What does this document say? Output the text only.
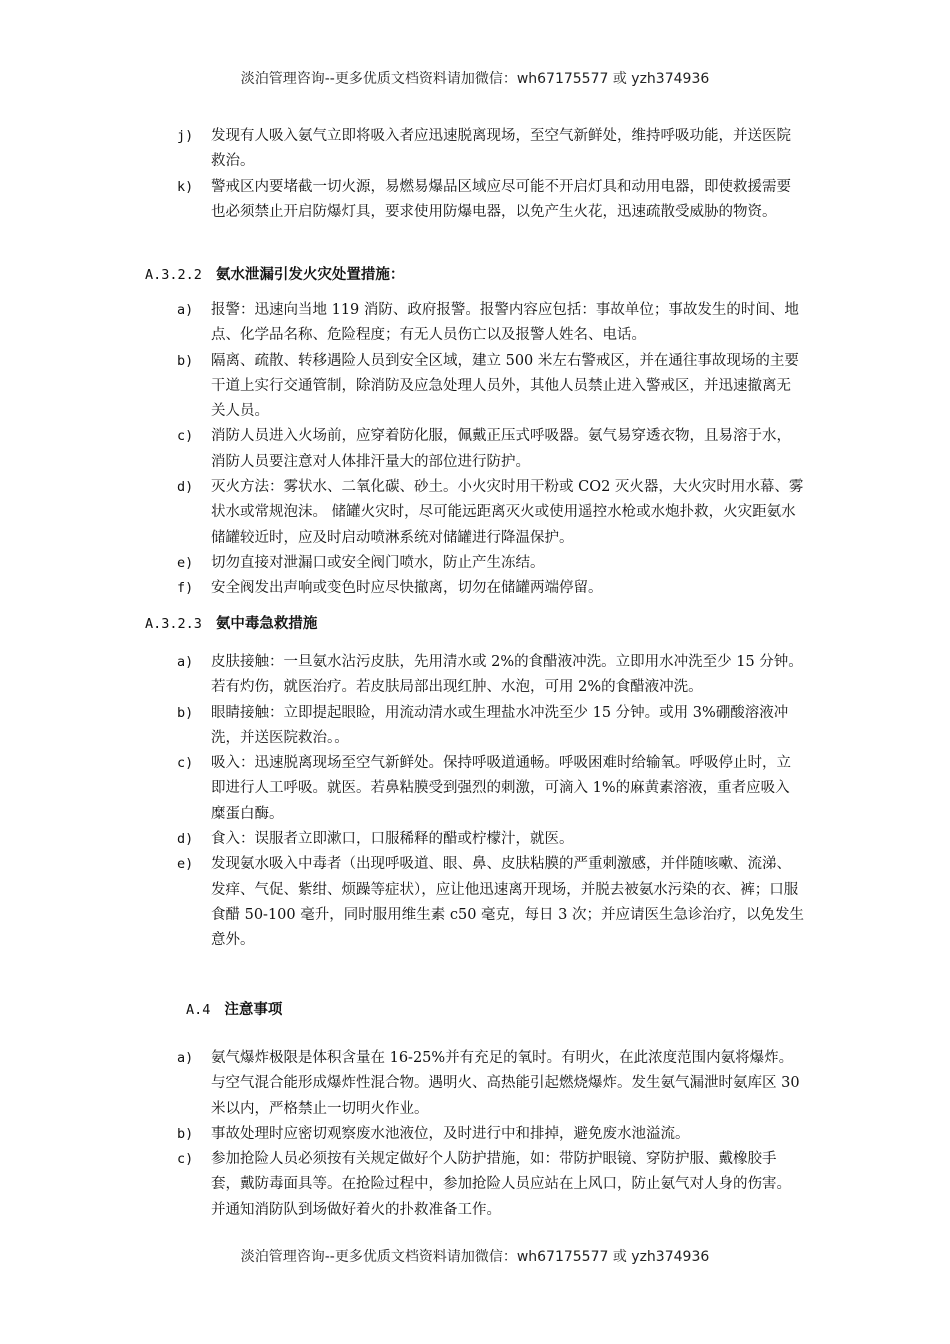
淡泊管理咨询--更多优质文档资料请加微信：wh67175577 或 yzh374936
j) 发现有人吸入氨气立即将吸入者应迅速脱离现场，至空气新鲜处，维持呼吸功能，并送医院救治。
k) 警戒区内要堵截一切火源，易燃易爆品区域应尽可能不开启灯具和动用电器，即使救援需要也必须禁止开启防爆灯具，要求使用防爆电器，以免产生火花，迅速疏散受威胁的物资。
A.3.2.2 氨水泄漏引发火灾处置措施：
a) 报警：迅速向当地 119 消防、政府报警。报警内容应包括：事故单位；事故发生的时间、地点、化学品名称、危险程度；有无人员伤亡以及报警人姓名、电话。
b) 隔离、疏散、转移遇险人员到安全区域，建立 500 米左右警戒区，并在通往事故现场的主要干道上实行交通管制，除消防及应急处理人员外，其他人员禁止进入警戒区，并迅速撤离无关人员。
c) 消防人员进入火场前，应穿着防化服，佩戴正压式呼吸器。氨气易穿透衣物，且易溶于水，消防人员要注意对人体排汗量大的部位进行防护。
d) 灭火方法：雾状水、二氧化碳、砂土。小火灾时用干粉或 CO2 灭火器，大火灾时用水幕、雾状水或常规泡沫。 储罐火灾时，尽可能远距离灭火或使用遥控水枪或水炮扑救，火灾距氨水储罐较近时，应及时启动喷淋系统对储罐进行降温保护。
e) 切勿直接对泄漏口或安全阀门喷水，防止产生冻结。
f) 安全阀发出声响或变色时应尽快撤离，切勿在储罐两端停留。
A.3.2.3 氨中毒急救措施
a) 皮肤接触：一旦氨水沾污皮肤，先用清水或 2%的食醋液冲洗。立即用水冲洗至少 15 分钟。若有灼伤，就医治疗。若皮肤局部出现红肿、水泡，可用 2%的食醋液冲洗。
b) 眼睛接触：立即提起眼睑，用流动清水或生理盐水冲洗至少 15 分钟。或用 3%硼酸溶液冲洗，并送医院救治。。
c) 吸入：迅速脱离现场至空气新鲜处。保持呼吸道通畅。呼吸困难时给输氧。呼吸停止时，立即进行人工呼吸。就医。若鼻粘膜受到强烈的刺激，可滴入 1%的麻黄素溶液，重者应吸入糜蛋白酶。
d) 食入：误服者立即漱口，口服稀释的醋或柠檬汁，就医。
e) 发现氨水吸入中毒者（出现呼吸道、眼、鼻、皮肤粘膜的严重刺激感，并伴随咳嗽、流涕、发痒、气促、紫绀、烦躁等症状），应让他迅速离开现场，并脱去被氨水污染的衣、裤；口服食醋 50-100 毫升，同时服用维生素 c50 毫克，每日 3 次；并应请医生急诊治疗，以免发生意外。
A.4 注意事项
a) 氨气爆炸极限是体积含量在 16-25%并有充足的氧时。有明火，在此浓度范围内氨将爆炸。与空气混合能形成爆炸性混合物。遇明火、高热能引起燃烧爆炸。发生氨气漏泄时氨库区 30 米以内，严格禁止一切明火作业。
b) 事故处理时应密切观察废水池液位，及时进行中和排掉，避免废水池溢流。
c) 参加抢险人员必须按有关规定做好个人防护措施，如：带防护眼镜、穿防护服、戴橡胶手套，戴防毒面具等。在抢险过程中，参加抢险人员应站在上风口，防止氨气对人身的伤害。并通知消防队到场做好着火的扑救准备工作。
淡泊管理咨询--更多优质文档资料请加微信：wh67175577 或 yzh374936
